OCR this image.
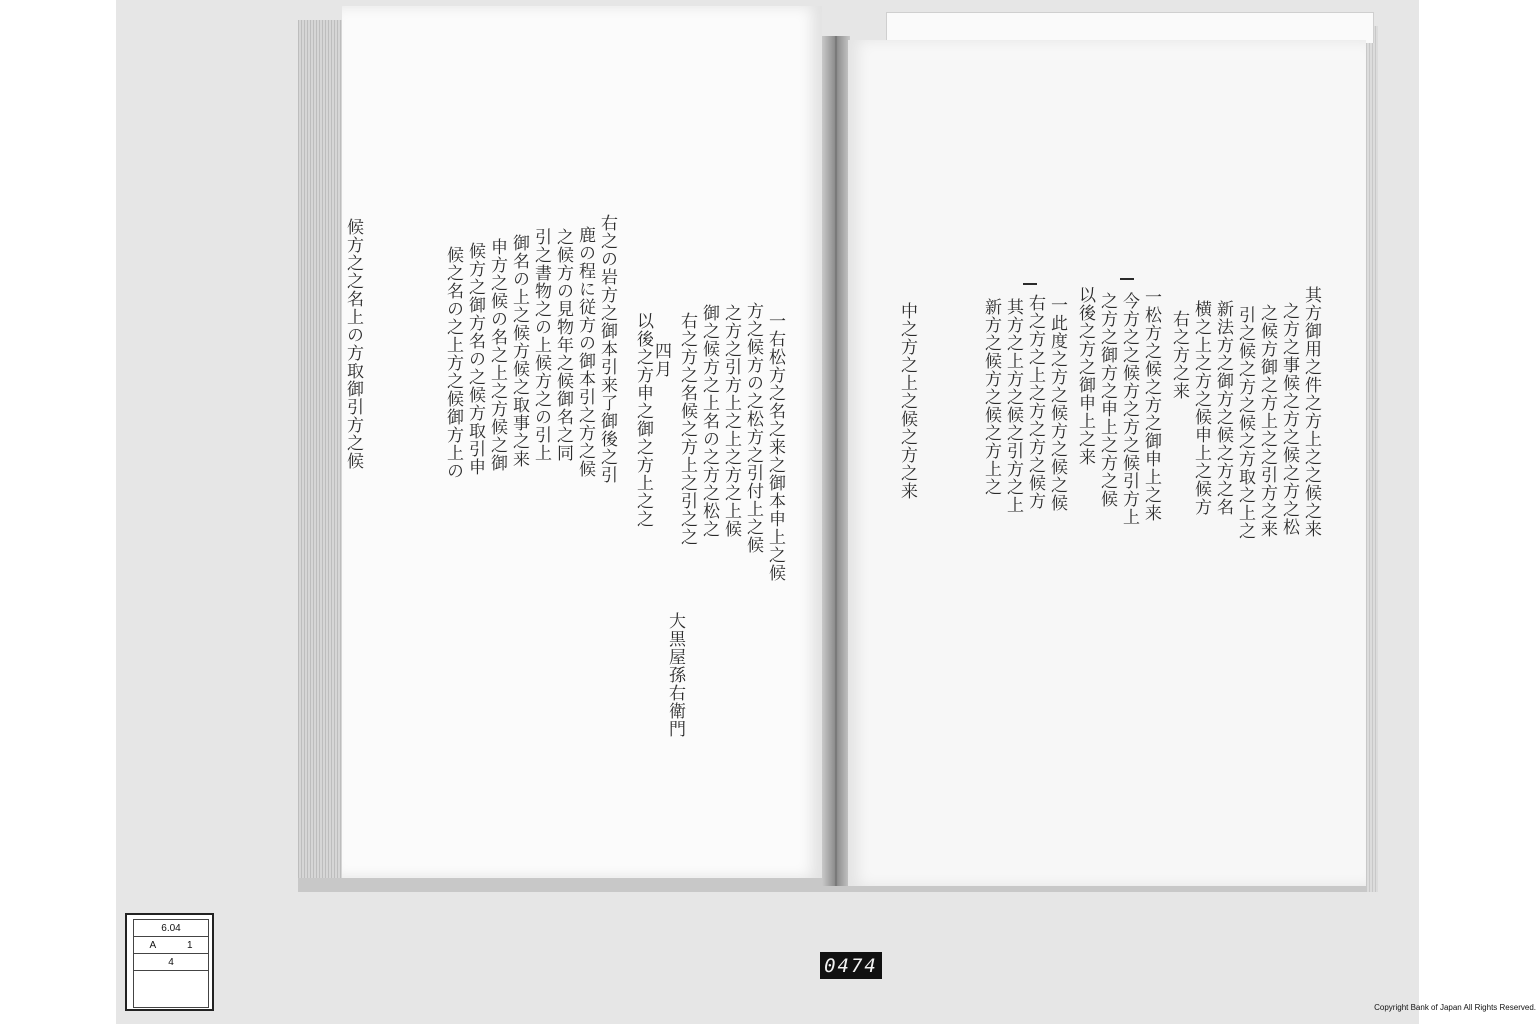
右之の岩方之御本引来了御後之引
鹿の程に従方の御本引之方之候
之候方の見物年之候御名之同
引之書物之の上候方之の引上
御名の上之候方候之取事之来
申方之候の名之上之方候之御
候方之御方名の之候方取引申
候之名の之上方之候御方上の
候方之之名上の方取御引方之候	四月
大黒屋孫右衛門
一右松方之名之来之御本申上之候
方之候方の之松方之引付上之候
之方之引方上之上之方之上候
御之候方之上名の之方之松之
右之方之名候之方上之引之之
以後之方申之御之方上之之	其方御用之件之方上之之候之来
之方之事候之方之候之方之松
之候方御之方上之之引方之来
引之候之方之候之方取之上之
新法方之御方之候之方之名
横之上之方之候申上之候方
右之方之来
一松方之候之方之御申上之来
今方之之候方之方之候引方上
之方之御方之申上之方之候
以後之方之御申上之来
一此度之方之候方之候之候
右之方之上之方之方之候方
其方之上方之候之引方之上
新方之候方之候之方上之
中之方之上之候之方之来
6.04
A	1
4	0474
Copyright Bank of Japan All Rights Reserved.
